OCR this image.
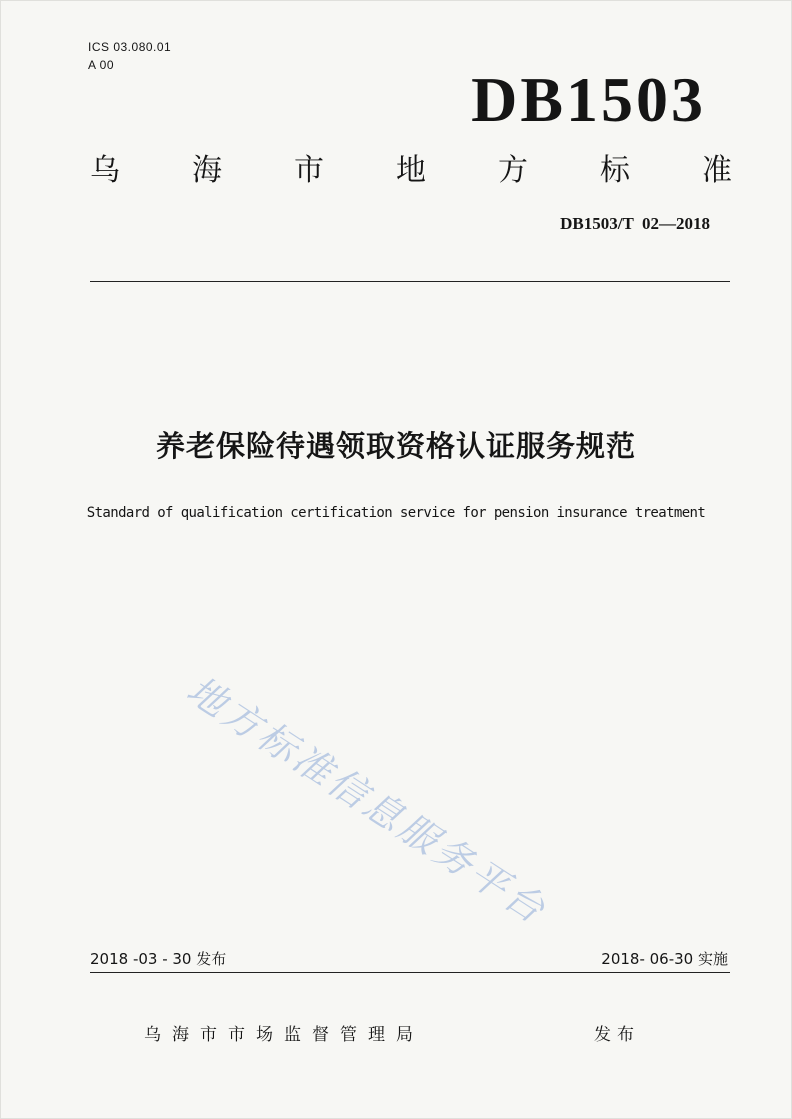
ICS 03.080.01
A 00	DB1503
乌 海 市 地 方 标 准
DB1503/T  02—2018
养老保险待遇领取资格认证服务规范
Standard of qualification certification service for pension insurance treatment
地方标准信息服务平台
2018 -03 - 30 发布	2018- 06-30 实施
乌海市市场监督管理局	发布
